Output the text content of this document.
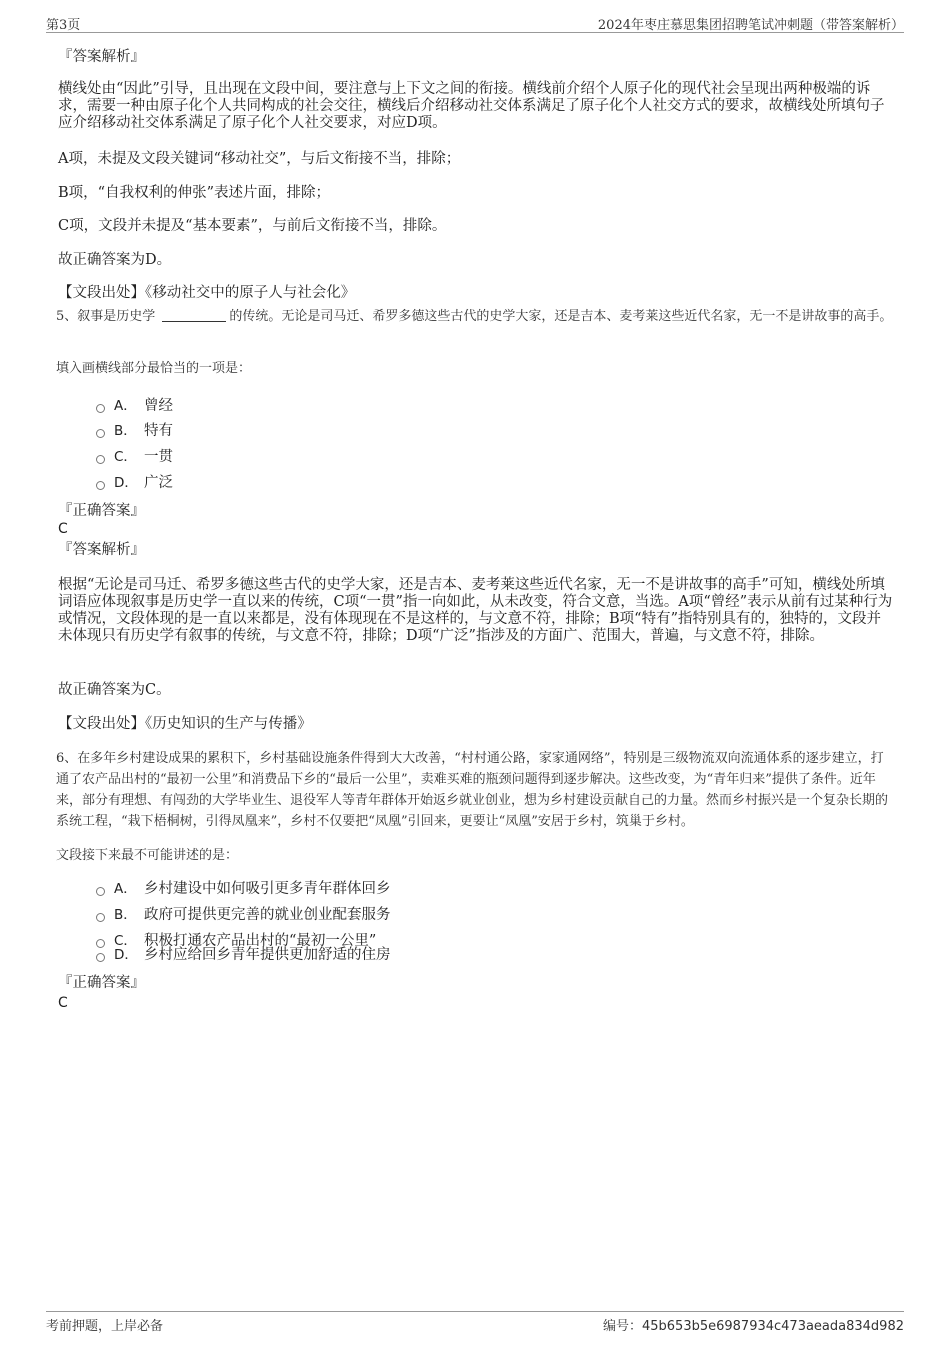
第3页	2024年枣庄慕思集团招聘笔试冲刺题（带答案解析）
『答案解析』
横线处由“因此”引导，且出现在文段中间，要注意与上下文之间的衔接。横线前介绍个人原子化的现代社会呈现出两种极端的诉求，需要一种由原子化个人共同构成的社会交往，横线后介绍移动社交体系满足了原子化个人社交方式的要求，故横线处所填句子应介绍移动社交体系满足了原子化个人社交要求，对应D项。
A项，未提及文段关键词“移动社交”，与后文衔接不当，排除；
B项，“自我权利的伸张”表述片面，排除；
C项，文段并未提及“基本要素”，与前后文衔接不当，排除。
故正确答案为D。
【文段出处】《移动社交中的原子人与社会化》
5、叙事是历史学	的传统。无论是司马迁、希罗多德这些古代的史学大家，还是吉本、麦考莱这些近代名家，无一不是讲故事的高手。
填入画横线部分最恰当的一项是：
A． 曾经
B． 特有
C． 一贯
D． 广泛
『正确答案』
C
『答案解析』
根据“无论是司马迁、希罗多德这些古代的史学大家，还是吉本、麦考莱这些近代名家，无一不是讲故事的高手”可知，横线处所填词语应体现叙事是历史学一直以来的传统，C项“一贯”指一向如此，从未改变，符合文意，当选。A项“曾经”表示从前有过某种行为或情况，文段体现的是一直以来都是，没有体现现在不是这样的，与文意不符，排除；B项“特有”指特别具有的，独特的，文段并未体现只有历史学有叙事的传统，与文意不符，排除；D项“广泛”指涉及的方面广、范围大，普遍，与文意不符，排除。
故正确答案为C。
【文段出处】《历史知识的生产与传播》
6、在多年乡村建设成果的累积下，乡村基础设施条件得到大大改善，“村村通公路，家家通网络”，特别是三级物流双向流通体系的逐步建立，打通了农产品出村的“最初一公里”和消费品下乡的“最后一公里”，卖难买难的瓶颈问题得到逐步解决。这些改变，为“青年归来”提供了条件。近年来，部分有理想、有闯劲的大学毕业生、退役军人等青年群体开始返乡就业创业，想为乡村建设贡献自己的力量。然而乡村振兴是一个复杂长期的系统工程，“栽下梧桐树，引得凤凰来”，乡村不仅要把“凤凰”引回来，更要让“凤凰”安居于乡村，筑巢于乡村。
文段接下来最不可能讲述的是：
A． 乡村建设中如何吸引更多青年群体回乡
B． 政府可提供更完善的就业创业配套服务
C． 积极打通农产品出村的“最初一公里”
D． 乡村应给回乡青年提供更加舒适的住房
『正确答案』
C
考前押题，上岸必备	编号：45b653b5e6987934c473aeada834d982
